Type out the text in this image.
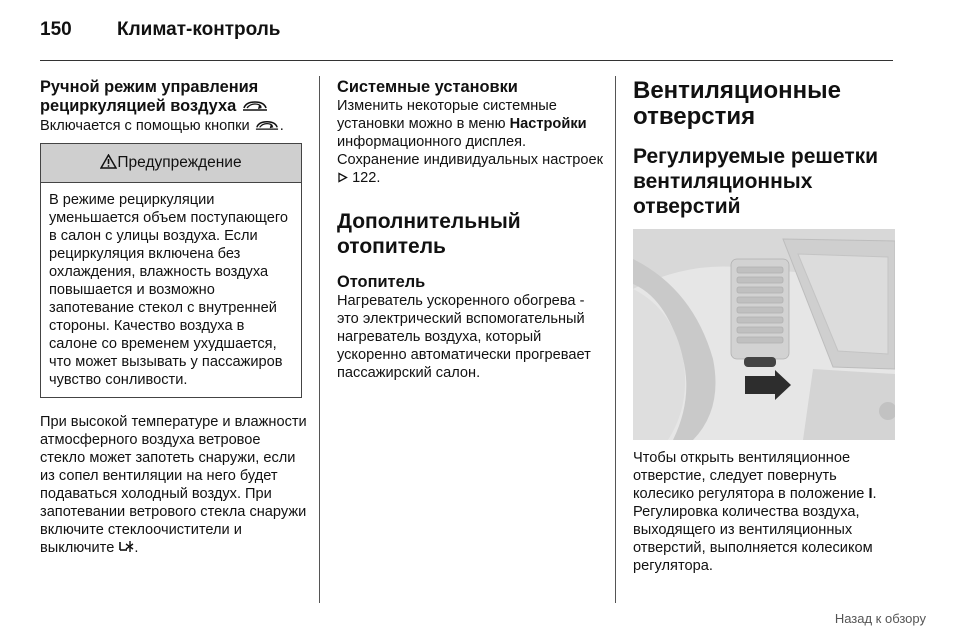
150 Климат-контроль
Ручной режим управления рециркуляцией воздуха

Включается с помощью кнопки .

Предупреждение
В режиме рециркуляции уменьшается объем поступающего в салон с улицы воздуха. Если рециркуляция включена без охлаждения, влажность воздуха повышается и возможно запотевание стекол с внутренней стороны. Качество воздуха в салоне со временем ухудшается, что может вызывать у пассажиров чувство сонливости.

При высокой температуре и влажности атмосферного воздуха ветровое стекло может запотеть снаружи, если из сопел вентиляции на него будет подаваться холодный воздух. При запотевании ветрового стекла снаружи включите стеклоочистители и выключите .

Системные установки

Изменить некоторые системные установки можно в меню Настройки информационного дисплея. Сохранение индивидуальных настроек  122.

Дополнительный отопитель
Отопитель

Нагреватель ускоренного обогрева - это электрический вспомогательный нагреватель воздуха, который ускоренно автоматически прогревает пассажирский салон.

Вентиляционные отверстия
Регулируемые решетки вентиляционных отверстий

Чтобы открыть вентиляционное отверстие, следует повернуть колесико регулятора в положение I. Регулировка количества воздуха, выходящего из вентиляционных отверстий, выполняется колесиком регулятора.

Назад к обзору
